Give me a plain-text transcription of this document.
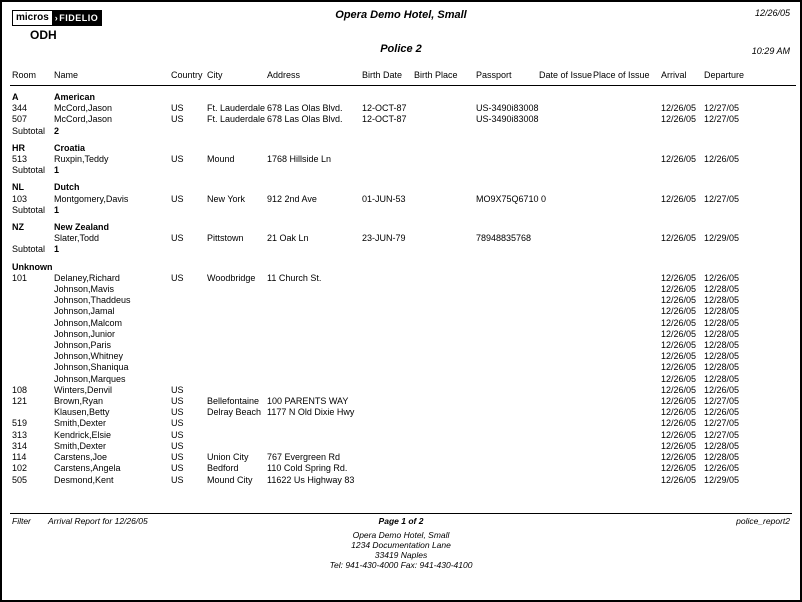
micros › FIDELIO
ODH
Opera Demo Hotel, Small
Police 2
12/26/05
10:29 AM
Room	Name	Country	City	Address	Birth Date	Birth Place	Passport	Date of Issue	Place of Issue	Arrival	Departure
A	American										
344	McCord,Jason	US	Ft. Lauderdale	678 Las Olas Blvd.	12-OCT-87		US-3490i83008			12/26/05	12/27/05
507	McCord,Jason	US	Ft. Lauderdale	678 Las Olas Blvd.	12-OCT-87		US-3490i83008			12/26/05	12/27/05
Subtotal	2										
HR	Croatia										
513	Ruxpin,Teddy	US	Mound	1768 Hillside Ln						12/26/05	12/26/05
Subtotal	1										
NL	Dutch										
103	Montgomery,Davis	US	New York	912 2nd Ave	01-JUN-53		MO9X75Q6710 0			12/26/05	12/27/05
Subtotal	1										
NZ	New Zealand										
	Slater,Todd	US	Pittstown	21 Oak Ln	23-JUN-79		78948835768			12/26/05	12/29/05
Subtotal	1										
Unknown											
101	Delaney,Richard	US	Woodbridge	11 Church St.						12/26/05	12/26/05
	Johnson,Mavis									12/26/05	12/28/05
	Johnson,Thaddeus									12/26/05	12/28/05
	Johnson,Jamal									12/26/05	12/28/05
	Johnson,Malcom									12/26/05	12/28/05
	Johnson,Junior									12/26/05	12/28/05
	Johnson,Paris									12/26/05	12/28/05
	Johnson,Whitney									12/26/05	12/28/05
	Johnson,Shaniqua									12/26/05	12/28/05
	Johnson,Marques									12/26/05	12/28/05
108	Winters,Denvil	US								12/26/05	12/26/05
121	Brown,Ryan	US	Bellefontaine	100 PARENTS WAY						12/26/05	12/27/05
	Klausen,Betty	US	Delray Beach	1177 N Old Dixie Hwy						12/26/05	12/26/05
519	Smith,Dexter	US								12/26/05	12/27/05
313	Kendrick,Elsie	US								12/26/05	12/27/05
314	Smith,Dexter	US								12/26/05	12/28/05
114	Carstens,Joe	US	Union City	767 Evergreen Rd						12/26/05	12/28/05
102	Carstens,Angela	US	Bedford	110 Cold Spring Rd.						12/26/05	12/26/05
505	Desmond,Kent	US	Mound City	11622 Us Highway 83						12/26/05	12/29/05
Filter Arrival Report for 12/26/05	Page 1 of 2	police_report2
Opera Demo Hotel, Small
1234 Documentation Lane
33419 Naples
Tel: 941-430-4000 Fax: 941-430-4100
